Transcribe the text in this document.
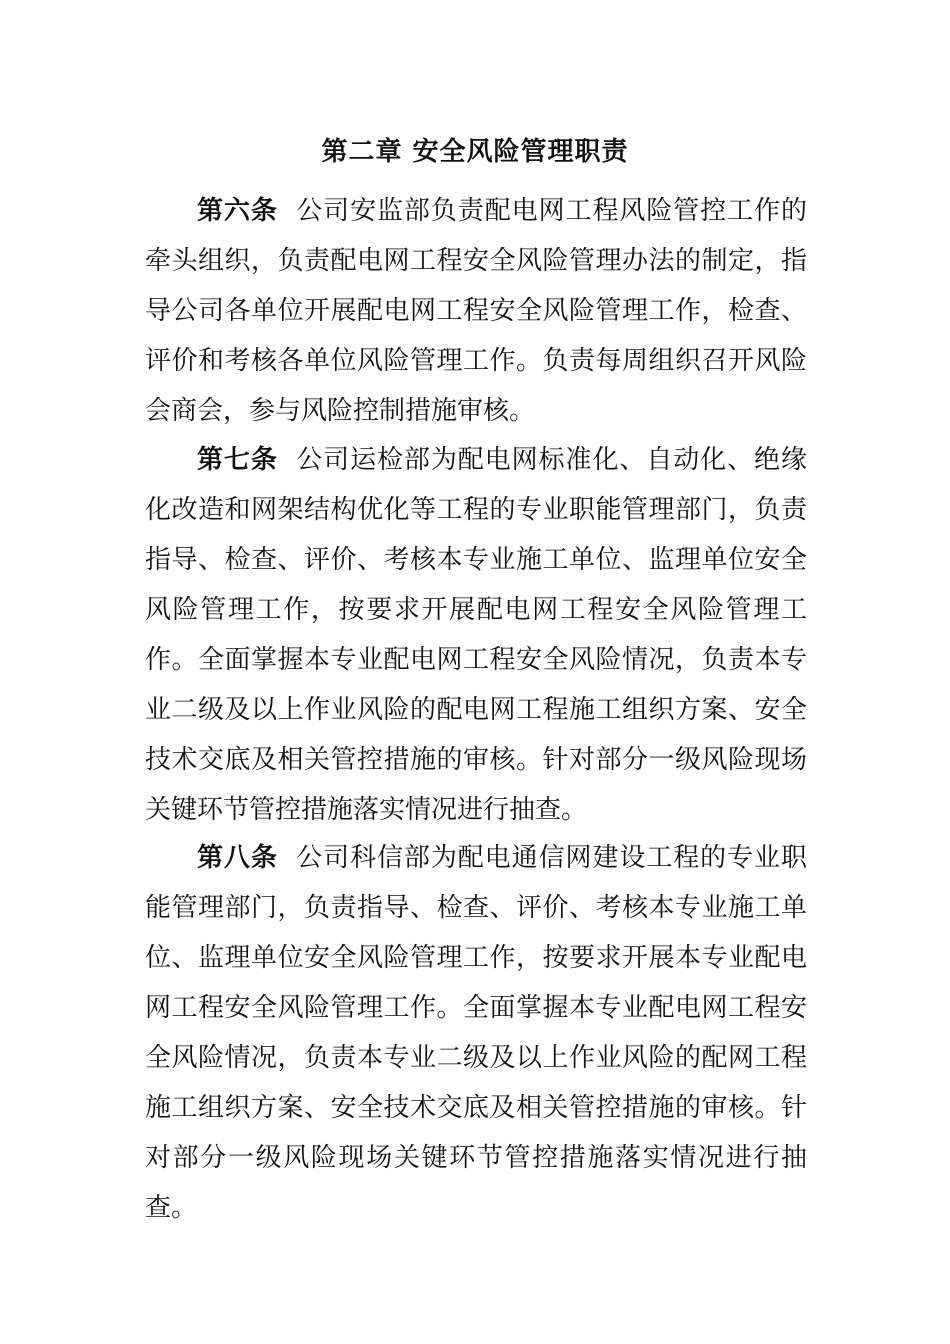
第二章 安全风险管理职责

第六条 公司安监部负责配电网工程风险管控工作的牵头组织，负责配电网工程安全风险管理办法的制定，指导公司各单位开展配电网工程安全风险管理工作，检查、评价和考核各单位风险管理工作。负责每周组织召开风险会商会，参与风险控制措施审核。

第七条 公司运检部为配电网标准化、自动化、绝缘化改造和网架结构优化等工程的专业职能管理部门，负责指导、检查、评价、考核本专业施工单位、监理单位安全风险管理工作，按要求开展配电网工程安全风险管理工作。全面掌握本专业配电网工程安全风险情况，负责本专业二级及以上作业风险的配电网工程施工组织方案、安全技术交底及相关管控措施的审核。针对部分一级风险现场关键环节管控措施落实情况进行抽查。

第八条 公司科信部为配电通信网建设工程的专业职能管理部门，负责指导、检查、评价、考核本专业施工单位、监理单位安全风险管理工作，按要求开展本专业配电网工程安全风险管理工作。全面掌握本专业配电网工程安全风险情况，负责本专业二级及以上作业风险的配网工程施工组织方案、安全技术交底及相关管控措施的审核。针对部分一级风险现场关键环节管控措施落实情况进行抽查。
